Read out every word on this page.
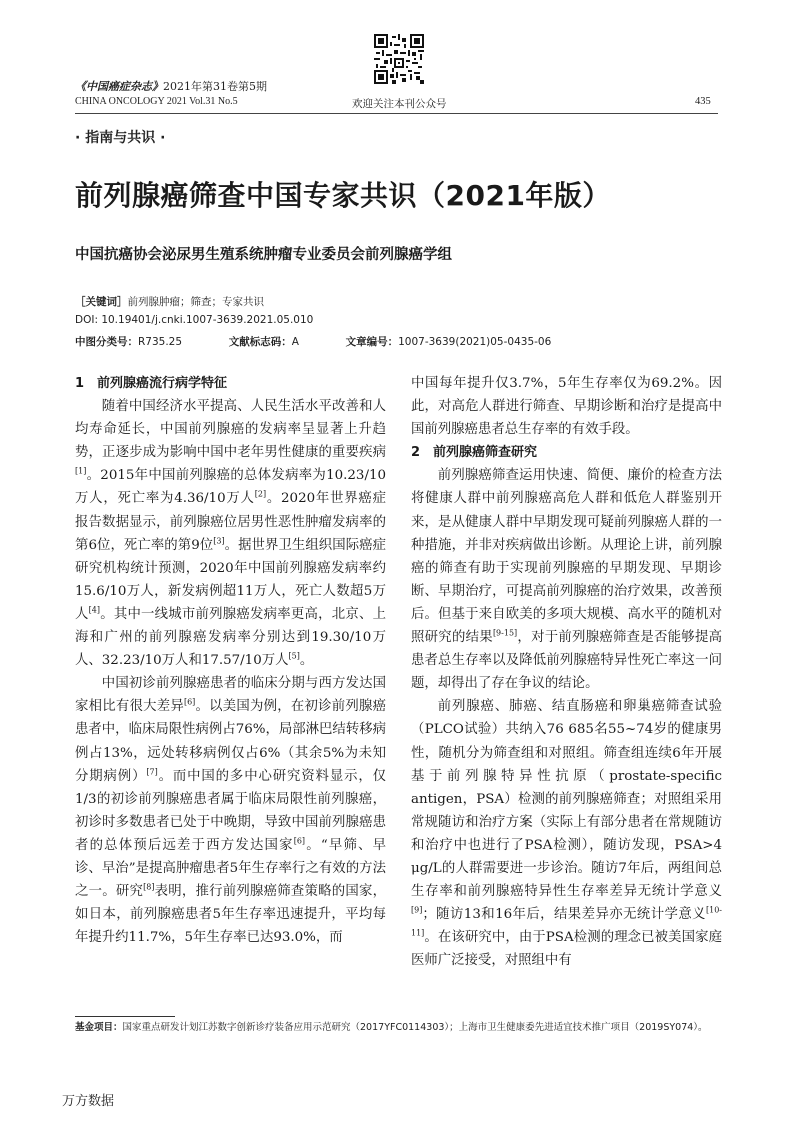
《中国癌症杂志》2021年第31卷第5期
CHINA ONCOLOGY 2021 Vol.31 No.5	欢迎关注本刊公众号	435
· 指南与共识 ·
前列腺癌筛查中国专家共识（2021年版）
中国抗癌协会泌尿男生殖系统肿瘤专业委员会前列腺癌学组
［关键词］前列腺肿瘤；筛查；专家共识
DOI: 10.19401/j.cnki.1007-3639.2021.05.010
中图分类号：R735.25	文献标志码：A	文章编号：1007-3639(2021)05-0435-06
1　前列腺癌流行病学特征

随着中国经济水平提高、人民生活水平改善和人均寿命延长，中国前列腺癌的发病率呈显著上升趋势，正逐步成为影响中国中老年男性健康的重要疾病[1]。2015年中国前列腺癌的总体发病率为10.23/10万人，死亡率为4.36/10万人[2]。2020年世界癌症报告数据显示，前列腺癌位居男性恶性肿瘤发病率的第6位，死亡率的第9位[3]。据世界卫生组织国际癌症研究机构统计预测，2020年中国前列腺癌发病率约15.6/10万人，新发病例超11万人，死亡人数超5万人[4]。其中一线城市前列腺癌发病率更高，北京、上海和广州的前列腺癌发病率分别达到19.30/10万人、32.23/10万人和17.57/10万人[5]。

中国初诊前列腺癌患者的临床分期与西方发达国家相比有很大差异[6]。以美国为例，在初诊前列腺癌患者中，临床局限性病例占76%，局部淋巴结转移病例占13%，远处转移病例仅占6%（其余5%为未知分期病例）[7]。而中国的多中心研究资料显示，仅1/3的初诊前列腺癌患者属于临床局限性前列腺癌，初诊时多数患者已处于中晚期，导致中国前列腺癌患者的总体预后远差于西方发达国家[6]。“早筛、早诊、早治”是提高肿瘤患者5年生存率行之有效的方法之一。研究[8]表明，推行前列腺癌筛查策略的国家，如日本，前列腺癌患者5年生存率迅速提升，平均每年提升约11.7%，5年生存率已达93.0%，而

中国每年提升仅3.7%，5年生存率仅为69.2%。因此，对高危人群进行筛查、早期诊断和治疗是提高中国前列腺癌患者总生存率的有效手段。

2　前列腺癌筛查研究

前列腺癌筛查运用快速、简便、廉价的检查方法将健康人群中前列腺癌高危人群和低危人群鉴别开来，是从健康人群中早期发现可疑前列腺癌人群的一种措施，并非对疾病做出诊断。从理论上讲，前列腺癌的筛查有助于实现前列腺癌的早期发现、早期诊断、早期治疗，可提高前列腺癌的治疗效果，改善预后。但基于来自欧美的多项大规模、高水平的随机对照研究的结果[9-15]，对于前列腺癌筛查是否能够提高患者总生存率以及降低前列腺癌特异性死亡率这一问题，却得出了存在争议的结论。

前列腺癌、肺癌、结直肠癌和卵巢癌筛查试验（PLCO试验）共纳入76 685名55~74岁的健康男性，随机分为筛查组和对照组。筛查组连续6年开展基于前列腺特异性抗原（prostate-specific antigen，PSA）检测的前列腺癌筛查；对照组采用常规随访和治疗方案（实际上有部分患者在常规随访和治疗中也进行了PSA检测），随访发现，PSA>4 μg/L的人群需要进一步诊治。随访7年后，两组间总生存率和前列腺癌特异性生存率差异无统计学意义[9]；随访13和16年后，结果差异亦无统计学意义[10-11]。在该研究中，由于PSA检测的理念已被美国家庭医师广泛接受，对照组中有

基金项目：国家重点研发计划江苏数字创新诊疗装备应用示范研究（2017YFC0114303）；上海市卫生健康委先进适宜技术推广项目（2019SY074）。
万方数据
